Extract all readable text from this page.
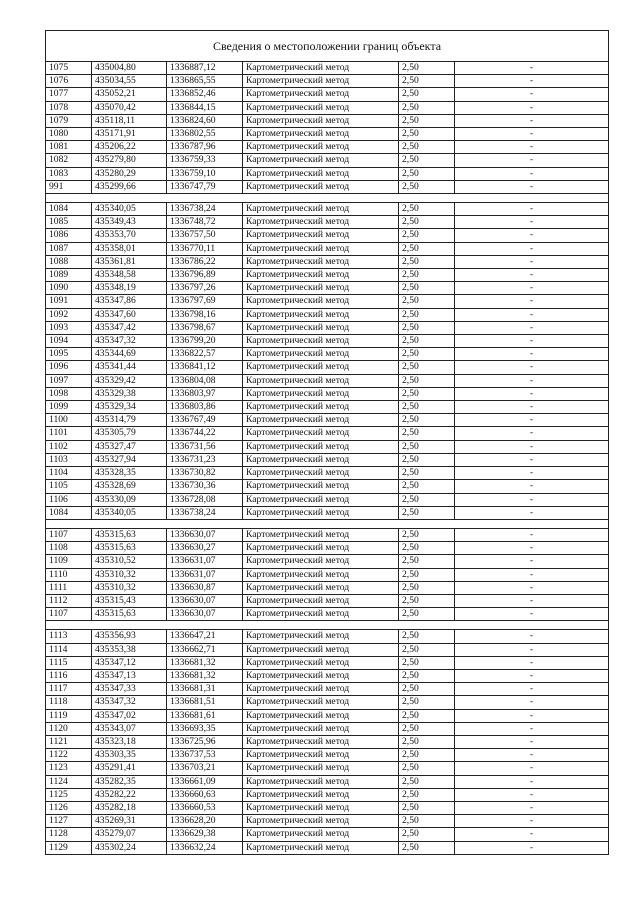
Сведения о местоположении границ объекта					
1075	435004,80	1336887,12	Картометрический метод	2,50	-
1076	435034,55	1336865,55	Картометрический метод	2,50	-
1077	435052,21	1336852,46	Картометрический метод	2,50	-
1078	435070,42	1336844,15	Картометрический метод	2,50	-
1079	435118,11	1336824,60	Картометрический метод	2,50	-
1080	435171,91	1336802,55	Картометрический метод	2,50	-
1081	435206,22	1336787,96	Картометрический метод	2,50	-
1082	435279,80	1336759,33	Картометрический метод	2,50	-
1083	435280,29	1336759,10	Картометрический метод	2,50	-
991	435299,66	1336747,79	Картометрический метод	2,50	-

1084	435340,05	1336738,24	Картометрический метод	2,50	-
1085	435349,43	1336748,72	Картометрический метод	2,50	-
1086	435353,70	1336757,50	Картометрический метод	2,50	-
1087	435358,01	1336770,11	Картометрический метод	2,50	-
1088	435361,81	1336786,22	Картометрический метод	2,50	-
1089	435348,58	1336796,89	Картометрический метод	2,50	-
1090	435348,19	1336797,26	Картометрический метод	2,50	-
1091	435347,86	1336797,69	Картометрический метод	2,50	-
1092	435347,60	1336798,16	Картометрический метод	2,50	-
1093	435347,42	1336798,67	Картометрический метод	2,50	-
1094	435347,32	1336799,20	Картометрический метод	2,50	-
1095	435344,69	1336822,57	Картометрический метод	2,50	-
1096	435341,44	1336841,12	Картометрический метод	2,50	-
1097	435329,42	1336804,08	Картометрический метод	2,50	-
1098	435329,38	1336803,97	Картометрический метод	2,50	-
1099	435329,34	1336803,86	Картометрический метод	2,50	-
1100	435314,79	1336767,49	Картометрический метод	2,50	-
1101	435305,79	1336744,22	Картометрический метод	2,50	-
1102	435327,47	1336731,56	Картометрический метод	2,50	-
1103	435327,94	1336731,23	Картометрический метод	2,50	-
1104	435328,35	1336730,82	Картометрический метод	2,50	-
1105	435328,69	1336730,36	Картометрический метод	2,50	-
1106	435330,09	1336728,08	Картометрический метод	2,50	-
1084	435340,05	1336738,24	Картометрический метод	2,50	-

1107	435315,63	1336630,07	Картометрический метод	2,50	-
1108	435315,63	1336630,27	Картометрический метод	2,50	-
1109	435310,52	1336631,07	Картометрический метод	2,50	-
1110	435310,32	1336631,07	Картометрический метод	2,50	-
1111	435310,32	1336630,87	Картометрический метод	2,50	-
1112	435315,43	1336630,07	Картометрический метод	2,50	-
1107	435315,63	1336630,07	Картометрический метод	2,50	-

1113	435356,93	1336647,21	Картометрический метод	2,50	-
1114	435353,38	1336662,71	Картометрический метод	2,50	-
1115	435347,12	1336681,32	Картометрический метод	2,50	-
1116	435347,13	1336681,32	Картометрический метод	2,50	-
1117	435347,33	1336681,31	Картометрический метод	2,50	-
1118	435347,32	1336681,51	Картометрический метод	2,50	-
1119	435347,02	1336681,61	Картометрический метод	2,50	-
1120	435343,07	1336693,35	Картометрический метод	2,50	-
1121	435323,18	1336725,96	Картометрический метод	2,50	-
1122	435303,35	1336737,53	Картометрический метод	2,50	-
1123	435291,41	1336703,21	Картометрический метод	2,50	-
1124	435282,35	1336661,09	Картометрический метод	2,50	-
1125	435282,22	1336660,63	Картометрический метод	2,50	-
1126	435282,18	1336660,53	Картометрический метод	2,50	-
1127	435269,31	1336628,20	Картометрический метод	2,50	-
1128	435279,07	1336629,38	Картометрический метод	2,50	-
1129	435302,24	1336632,24	Картометрический метод	2,50	-
